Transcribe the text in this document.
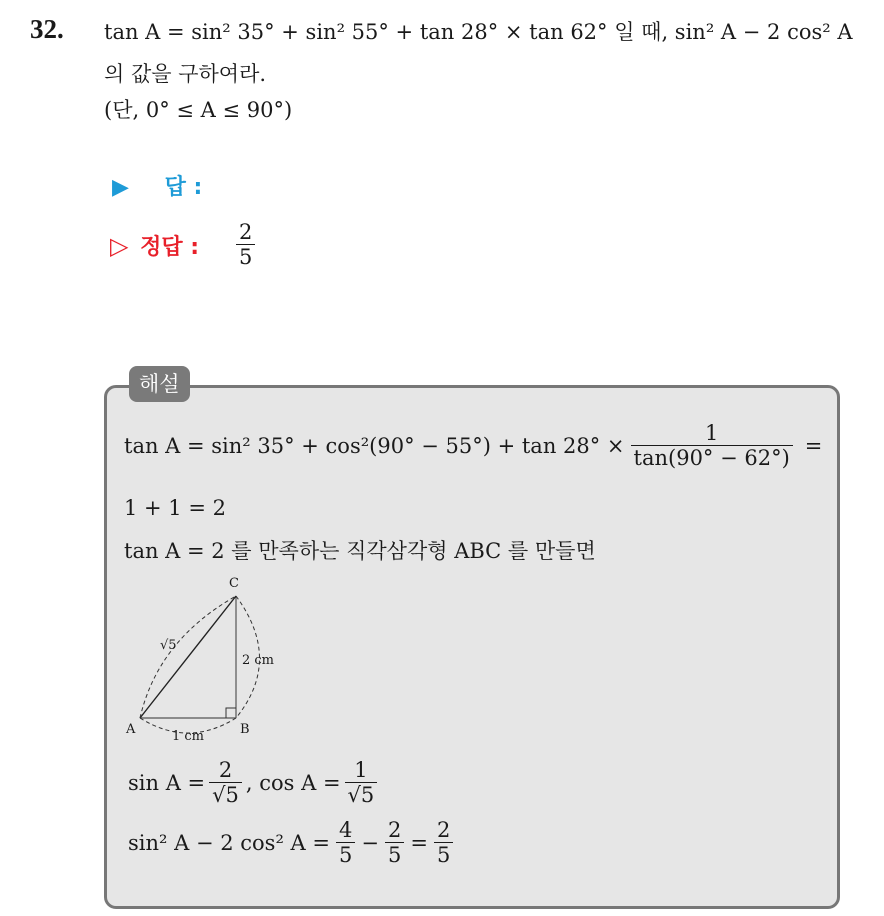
32. tan A = sin² 35° + sin² 55° + tan 28° × tan 62° 일 때, sin² A − 2 cos² A
의 값을 구하여라.
(단, 0° ≤ A ≤ 90°)
▶ 답 :
▷ 정답 : $\frac{2}{5}$
해설
tan A = sin² $35^\circ + \cos^2(90^\circ - 55^\circ) + \tan 28^\circ \times \frac{1}{\tan(90^\circ - 62^\circ)}$ =
1 + 1 = 2
tan A = 2 를 만족하는 직각삼각형 ABC 를 만들면
C
A	B
√5
2 cm
1 cm
$\sin A = \frac{2}{√5}$ , $\cos A = \frac{1}{√5}$
sin² A − 2 cos² $A = \frac{4}{5} - \frac{2}{5} = \frac{2}{5}$
